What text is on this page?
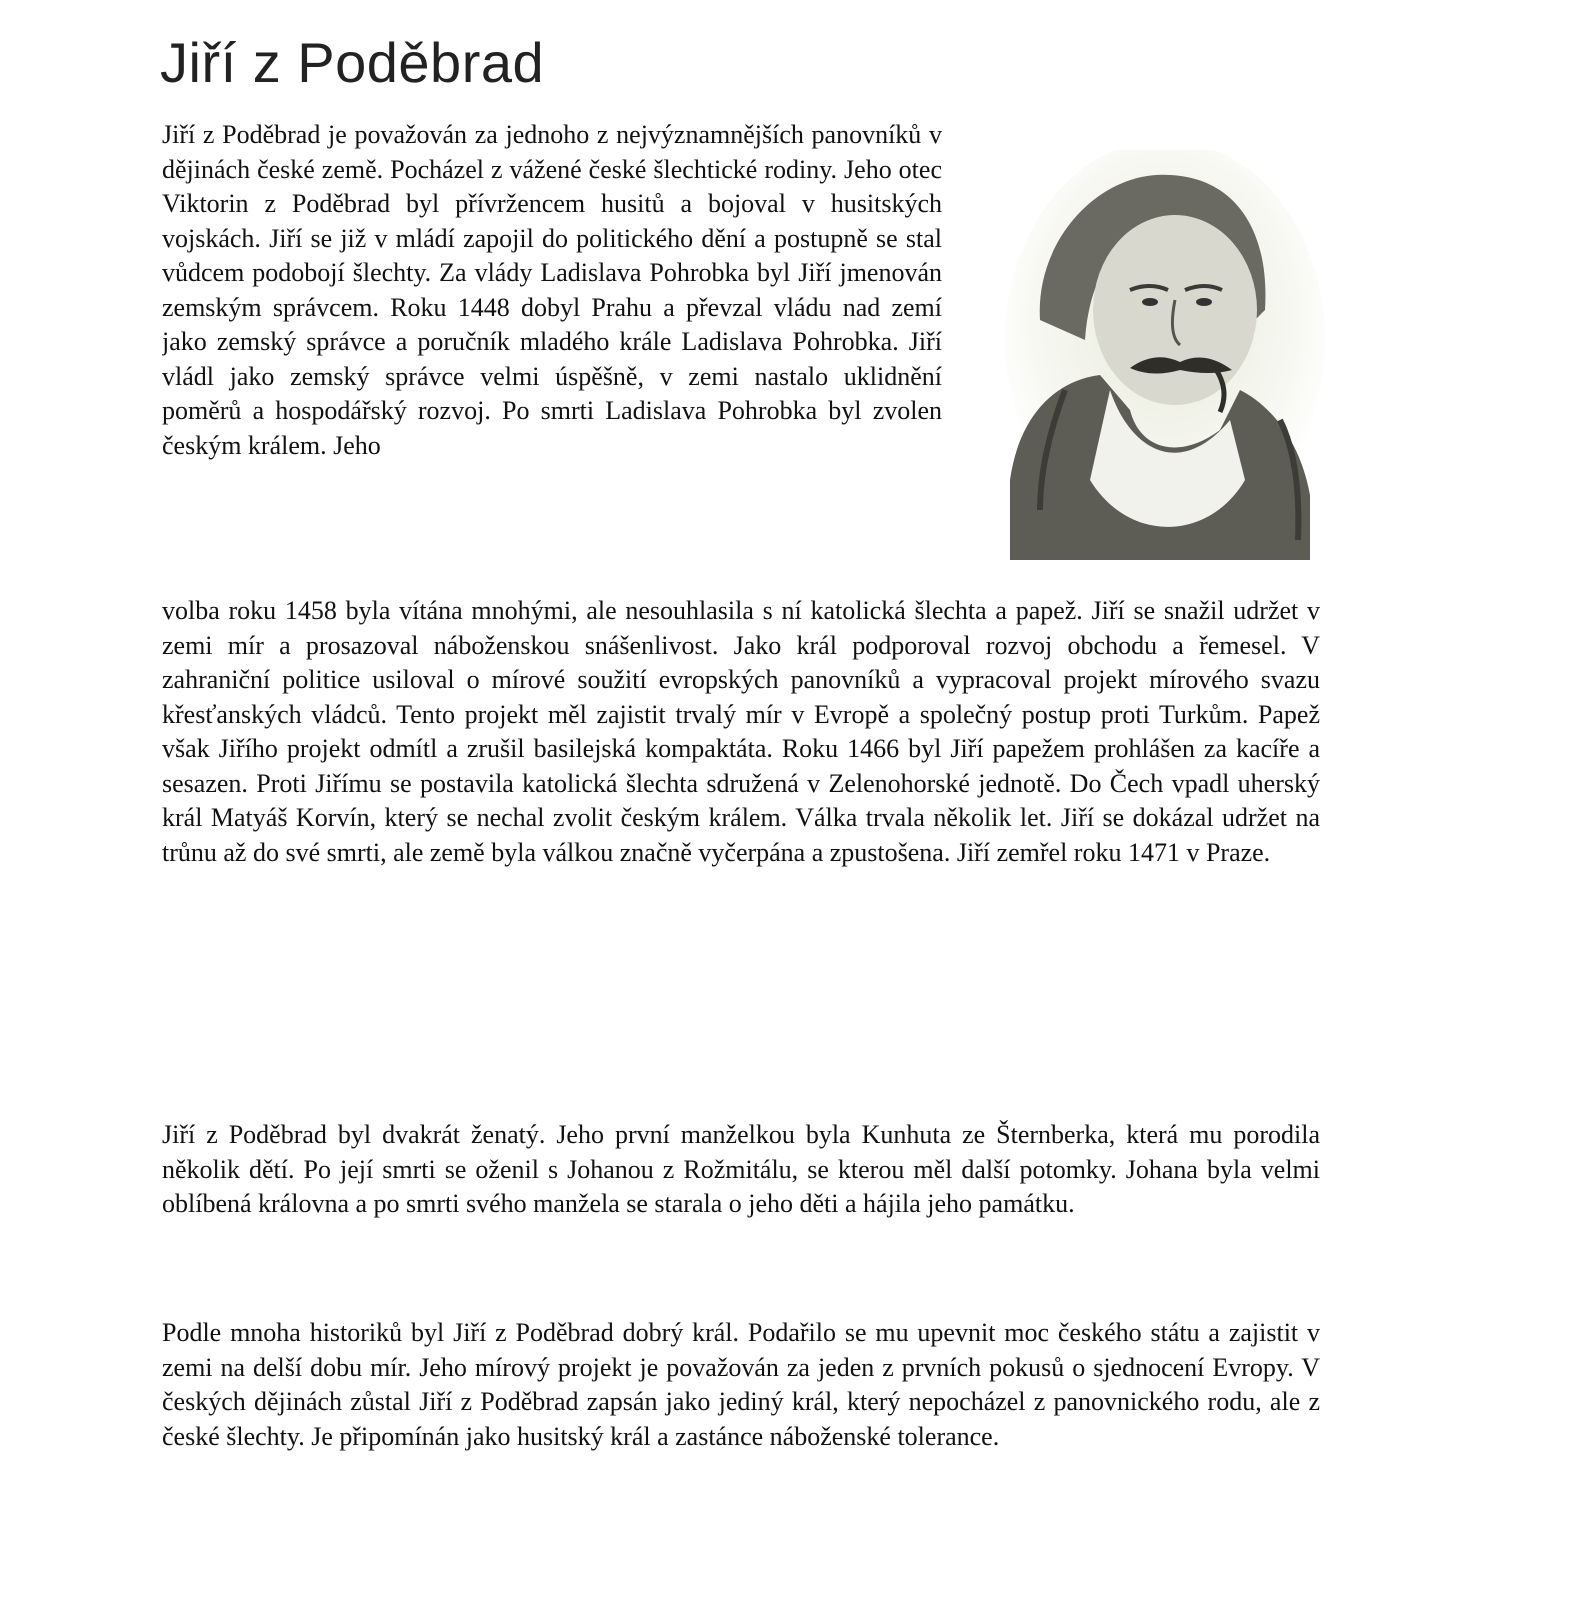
Jiří z Poděbrad

Jiří z Poděbrad je považován za jednoho z nejvýznamnějších panovníků v dějinách české země. Pocházel z vážené české šlechtické rodiny. Jeho otec Viktorin z Poděbrad byl přívržencem husitů a bojoval v husitských vojskách. Jiří se již v mládí zapojil do politického dění a postupně se stal vůdcem podobojí šlechty. Za vlády Ladislava Pohrobka byl Jiří jmenován zemským správcem. Roku 1448 dobyl Prahu a převzal vládu nad zemí jako zemský správce a poručník mladého krále Ladislava Pohrobka. Jiří vládl jako zemský správce velmi úspěšně, v zemi nastalo uklidnění poměrů a hospodářský rozvoj. Po smrti Ladislava Pohrobka byl zvolen českým králem. Jeho

volba roku 1458 byla vítána mnohými, ale nesouhlasila s ní katolická šlechta a papež. Jiří se snažil udržet v zemi mír a prosazoval náboženskou snášenlivost. Jako král podporoval rozvoj obchodu a řemesel. V zahraniční politice usiloval o mírové soužití evropských panovníků a vypracoval projekt mírového svazu křesťanských vládců. Tento projekt měl zajistit trvalý mír v Evropě a společný postup proti Turkům. Papež však Jiřího projekt odmítl a zrušil basilejská kompaktáta. Roku 1466 byl Jiří papežem prohlášen za kacíře a sesazen. Proti Jiřímu se postavila katolická šlechta sdružená v Zelenohorské jednotě. Do Čech vpadl uherský král Matyáš Korvín, který se nechal zvolit českým králem. Válka trvala několik let. Jiří se dokázal udržet na trůnu až do své smrti, ale země byla válkou značně vyčerpána a zpustošena. Jiří zemřel roku 1471 v Praze.

Jiří z Poděbrad byl dvakrát ženatý. Jeho první manželkou byla Kunhuta ze Šternberka, která mu porodila několik dětí. Po její smrti se oženil s Johanou z Rožmitálu, se kterou měl další potomky. Johana byla velmi oblíbená královna a po smrti svého manžela se starala o jeho děti a hájila jeho památku.

Podle mnoha historiků byl Jiří z Poděbrad dobrý král. Podařilo se mu upevnit moc českého státu a zajistit v zemi na delší dobu mír. Jeho mírový projekt je považován za jeden z prvních pokusů o sjednocení Evropy. V českých dějinách zůstal Jiří z Poděbrad zapsán jako jediný král, který nepocházel z panovnického rodu, ale z české šlechty. Je připomínán jako husitský král a zastánce náboženské tolerance.
